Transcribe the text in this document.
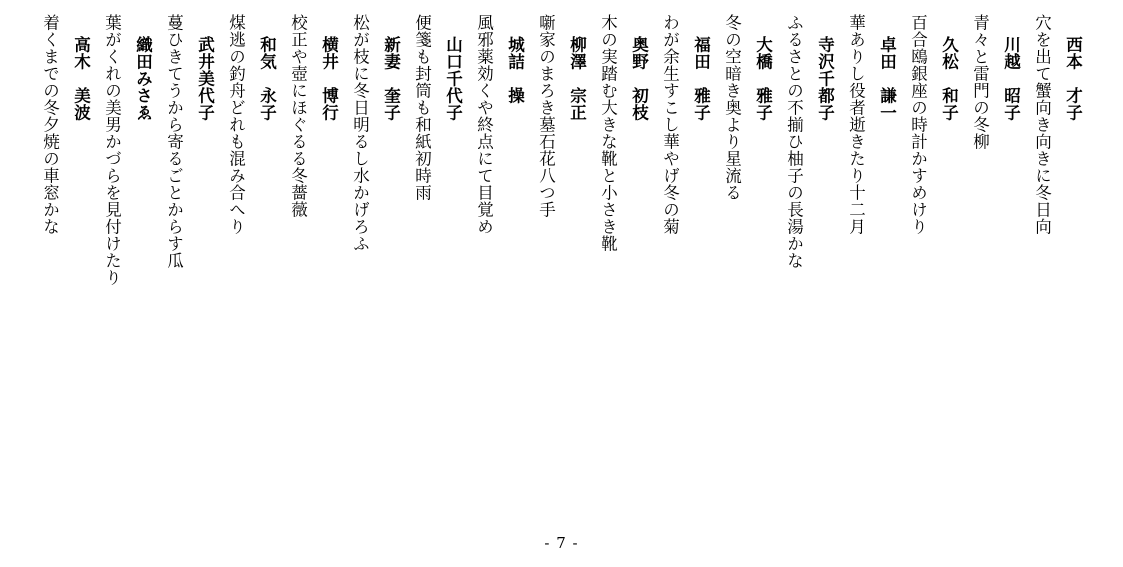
西本　才子
穴を出て蟹向き向きに冬日向
川越　昭子
青々と雷門の冬柳
久松　和子
百合鴎銀座の時計かすめけり
卓田　謙一
華ありし役者逝きたり十二月
寺沢千都子
ふるさとの不揃ひ柚子の長湯かな
大橋　雅子
冬の空暗き奥より星流る
福田　雅子
わが余生すこし華やげ冬の菊
奥野　初枝
木の実踏む大きな靴と小さき靴
柳澤　宗正
噺家のまろき墓石花八つ手
城詰　操
風邪薬効くや終点にて目覚め
山口千代子
便箋も封筒も和紙初時雨
新妻　奎子
松が枝に冬日明るし水かげろふ
横井　博行
校正や壺にほぐるる冬薔薇
和気　永子
煤逃の釣舟どれも混み合へり
武井美代子
蔓ひきてうから寄るごとからす瓜
織田みさゑ
葉がくれの美男かづらを見付けたり
高木　美波
着くまでの冬夕焼の車窓かな
- 7 -
